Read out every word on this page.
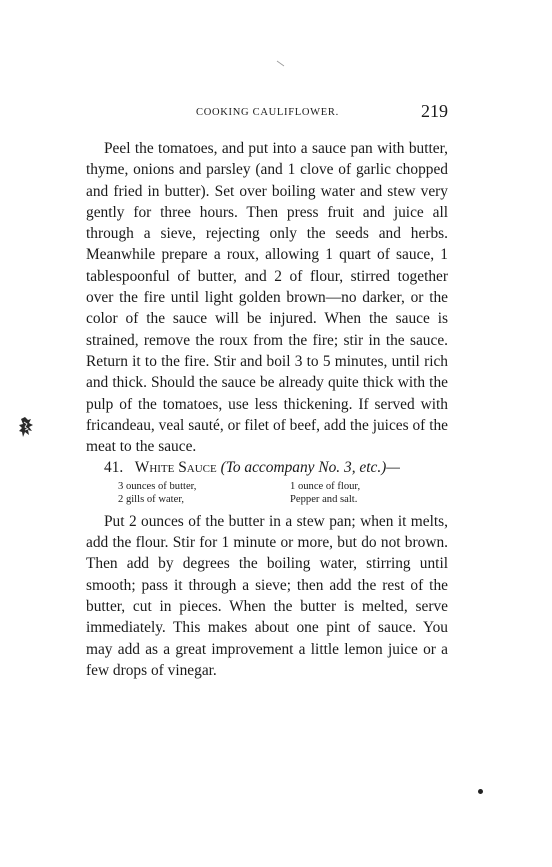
COOKING CAULIFLOWER.	219

Peel the tomatoes, and put into a sauce pan with butter, thyme, onions and parsley (and 1 clove of garlic chopped and fried in butter). Set over boiling water and stew very gently for three hours. Then press fruit and juice all through a sieve, rejecting only the seeds and herbs. Meanwhile prepare a roux, allowing 1 quart of sauce, 1 tablespoonful of butter, and 2 of flour, stirred together over the fire until light golden brown—no darker, or the color of the sauce will be injured. When the sauce is strained, remove the roux from the fire; stir in the sauce. Return it to the fire. Stir and boil 3 to 5 minutes, until rich and thick. Should the sauce be already quite thick with the pulp of the tomatoes, use less thickening. If served with fricandeau, veal sauté, or filet of beef, add the juices of the meat to the sauce.

41. White Sauce (To accompany No. 3, etc.)—

3 ounces of butter,	1 ounce of flour,
2 gills of water,	Pepper and salt.

Put 2 ounces of the butter in a stew pan; when it melts, add the flour. Stir for 1 minute or more, but do not brown. Then add by degrees the boiling water, stirring until smooth; pass it through a sieve; then add the rest of the butter, cut in pieces. When the butter is melted, serve immediately. This makes about one pint of sauce. You may add as a great improvement a little lemon juice or a few drops of vinegar.
